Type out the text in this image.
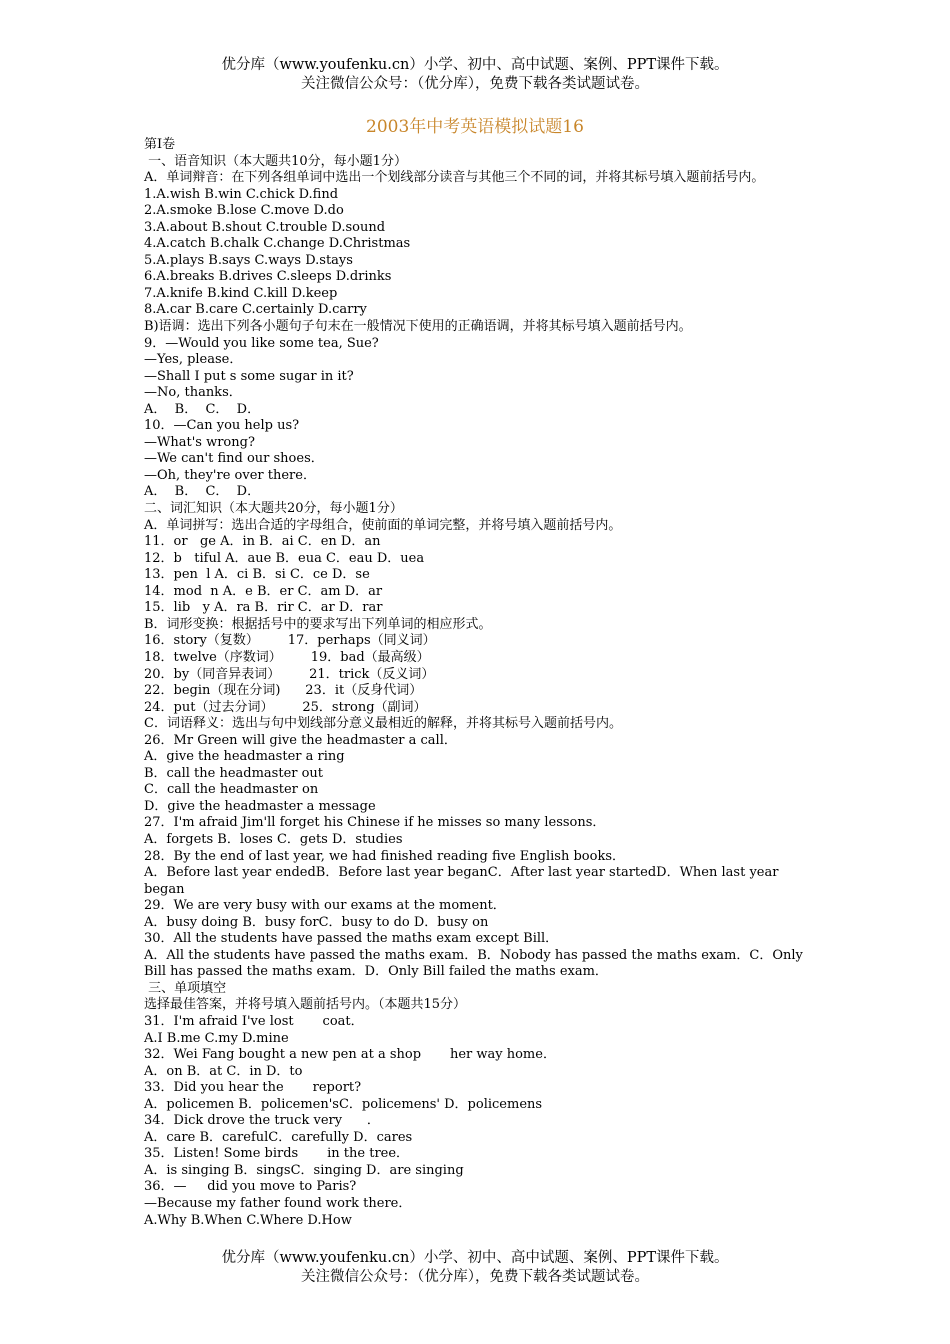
优分库（www.youfenku.cn）小学、初中、高中试题、案例、PPT课件下载。
关注微信公众号：（优分库），免费下载各类试题试卷。
2003年中考英语模拟试题16
第Ⅰ卷
一、语音知识（本大题共10分，每小题1分）
A．单词辩音：在下列各组单词中选出一个划线部分读音与其他三个不同的词，并将其标号填入题前括号内。
1.A.wish B.win C.chick D.find
2.A.smoke B.lose C.move D.do
3.A.about B.shout C.trouble D.sound
4.A.catch B.chalk C.change D.Christmas
5.A.plays B.says C.ways D.stays
6.A.breaks B.drives C.sleeps D.drinks
7.A.knife B.kind C.kill D.keep
8.A.car B.care C.certainly D.carry
B)语调：选出下列各小题句子句末在一般情况下使用的正确语调，并将其标号填入题前括号内。
9．—Would you like some tea, Sue?
—Yes, please．
—Shall I put s some sugar in it?
—No, thanks．
A．  B．  C．  D．
10．—Can you help us?
—What's wrong?
—We can't find our shoes．
—Oh, they're over there．
A．  B．  C．  D．
二、词汇知识（本大题共20分，每小题1分）
A．单词拼写：选出合适的字母组合，使前面的单词完整，并将号填入题前括号内。
11．or   ge A．in B．ai C．en D．an
12．b   tiful A．aue B．eua C．eau D．uea
13．pen  l A．ci B．si C．ce D．se
14．mod  n A．e B．er C．am D．ar
15．lib   y A．ra B．rir C．ar D．rar
B．词形变换：根据括号中的要求写出下列单词的相应形式。
16．story（复数）       17．perhaps（同义词）
18．twelve（序数词）       19．bad（最高级）
20．by（同音异表词）       21．trick（反义词）
22．begin（现在分词)      23．it（反身代词）
24．put（过去分词）       25．strong（副词）
C．词语释义：选出与句中划线部分意义最相近的解释，并将其标号入题前括号内。
26．Mr Green will give the headmaster a call．
A．give the headmaster a ring
B．call the headmaster out
C．call the headmaster on
D．give the headmaster a message
27．I'm afraid Jim'll forget his Chinese if he misses so many lessons．
A．forgets B．loses C．gets D．studies
28．By the end of last year, we had finished reading five English books．
A．Before last year endedB．Before last year beganC．After last year startedD．When last year began
29．We are very busy with our exams at the moment．
A．busy doing B．busy forC．busy to do D．busy on
30．All the students have passed the maths exam except Bill．
A．All the students have passed the maths exam．B．Nobody has passed the maths exam．C．Only Bill has passed the maths exam．D．Only Bill failed the maths exam．
三、单项填空
选择最佳答案，并将号填入题前括号内。（本题共15分）
31．I'm afraid I've lost       coat．
A.I B.me C.my D.mine
32．Wei Fang bought a new pen at a shop       her way home．
A．on B．at C．in D．to
33．Did you hear the       report?
A．policemen B．policemen'sC．policemens' D．policemens
34．Dick drove the truck very      ．
A．care B．carefulC．carefully D．cares
35．Listen! Some birds       in the tree．
A．is singing B．singsC．singing D．are singing
36．—     did you move to Paris?
—Because my father found work there．
A.Why B.When C.Where D.How
优分库（www.youfenku.cn）小学、初中、高中试题、案例、PPT课件下载。
关注微信公众号：（优分库），免费下载各类试题试卷。
